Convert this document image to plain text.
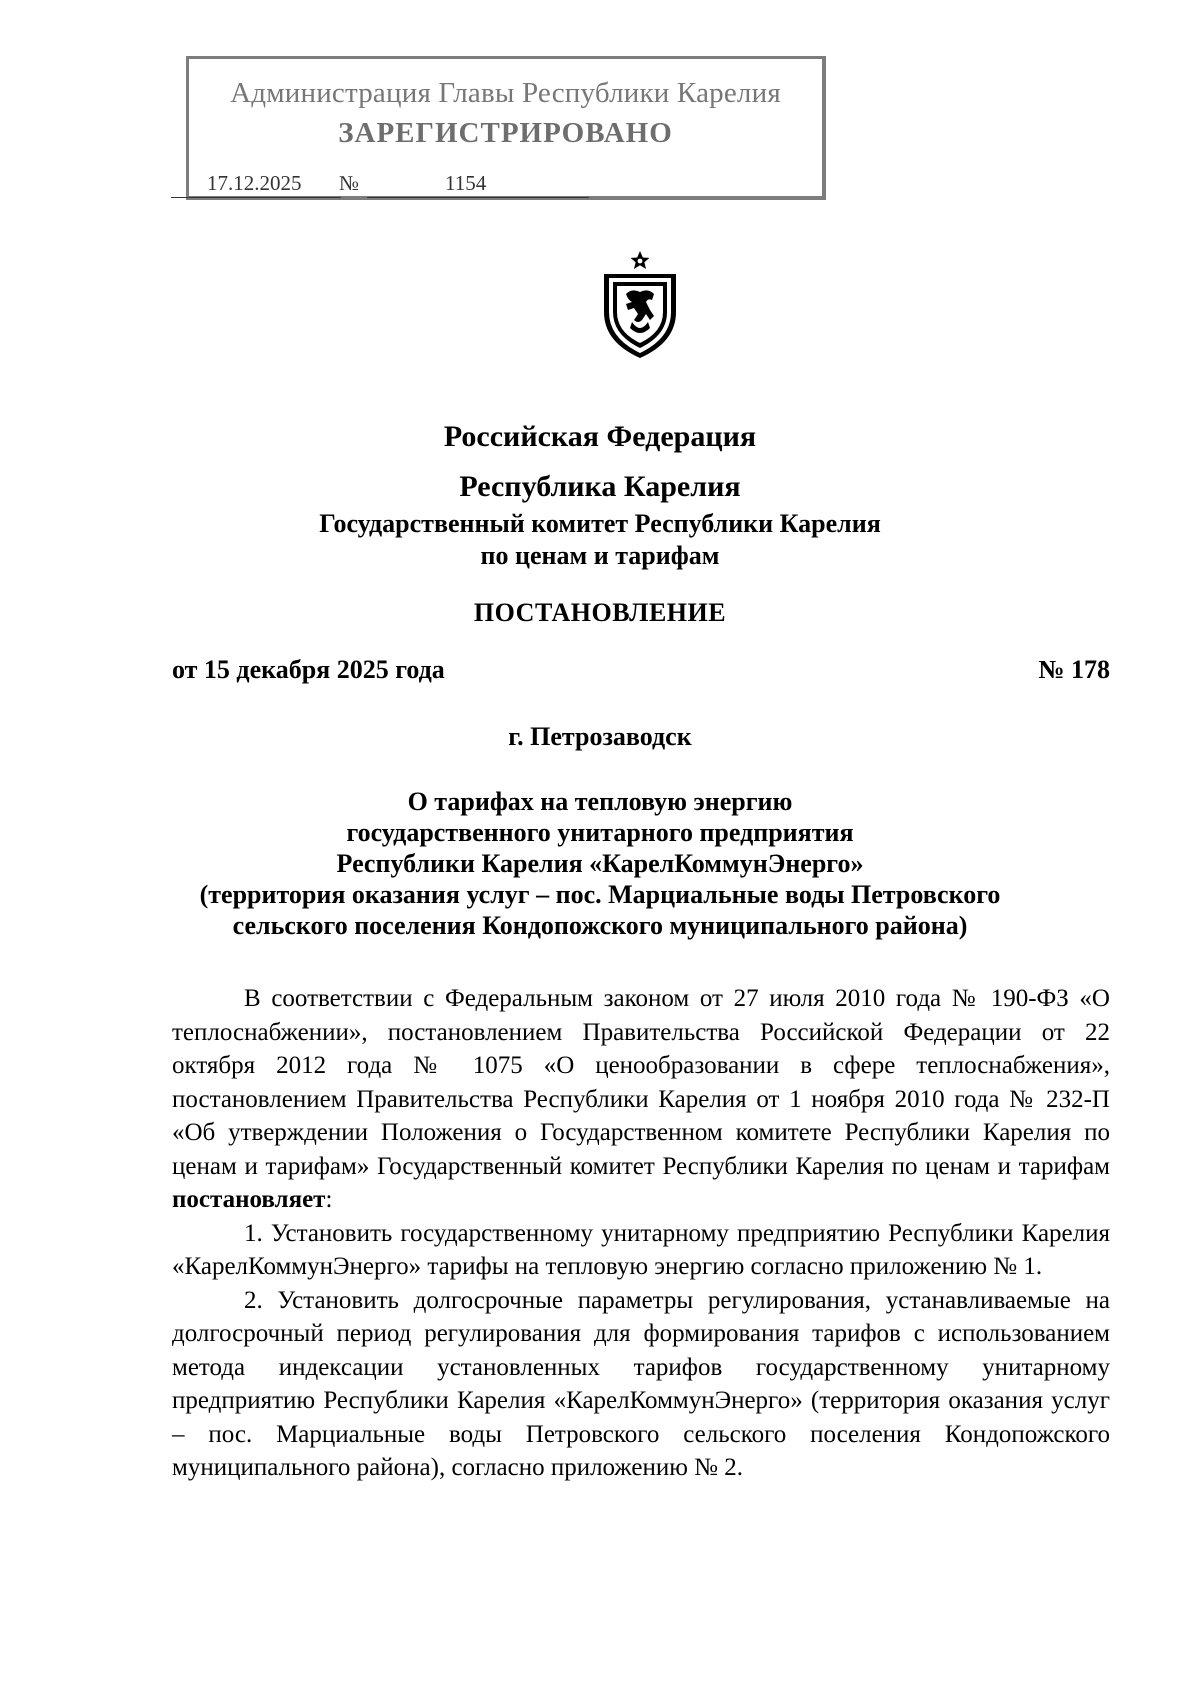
Администрация Главы Республики Карелия
ЗАРЕГИСТРИРОВАНО
17.12.2025 №	1154
Российская Федерация
Республика Карелия
Государственный комитет Республики Карелия
по ценам и тарифам
ПОСТАНОВЛЕНИЕ
от 15 декабря 2025 года	№ 178
г. Петрозаводск
О тарифах на тепловую энергию
государственного унитарного предприятия
Республики Карелия «КарелКоммунЭнерго»
(территория оказания услуг – пос. Марциальные воды Петровского
сельского поселения Кондопожского муниципального района)

В соответствии с Федеральным законом от 27 июля 2010 года № 190-ФЗ «О теплоснабжении», постановлением Правительства Российской Федерации от 22 октября 2012 года № 1075 «О ценообразовании в сфере теплоснабжения», постановлением Правительства Республики Карелия от 1 ноября 2010 года № 232-П «Об утверждении Положения о Государственном комитете Республики Карелия по ценам и тарифам» Государственный комитет Республики Карелия по ценам и тарифам постановляет:

1. Установить государственному унитарному предприятию Республики Карелия «КарелКоммунЭнерго» тарифы на тепловую энергию согласно приложению № 1.

2. Установить долгосрочные параметры регулирования, устанавливаемые на долгосрочный период регулирования для формирования тарифов с использованием метода индексации установленных тарифов государственному унитарному предприятию Республики Карелия «КарелКоммунЭнерго» (территория оказания услуг – пос. Марциальные воды Петровского сельского поселения Кондопожского муниципального района), согласно приложению № 2.
